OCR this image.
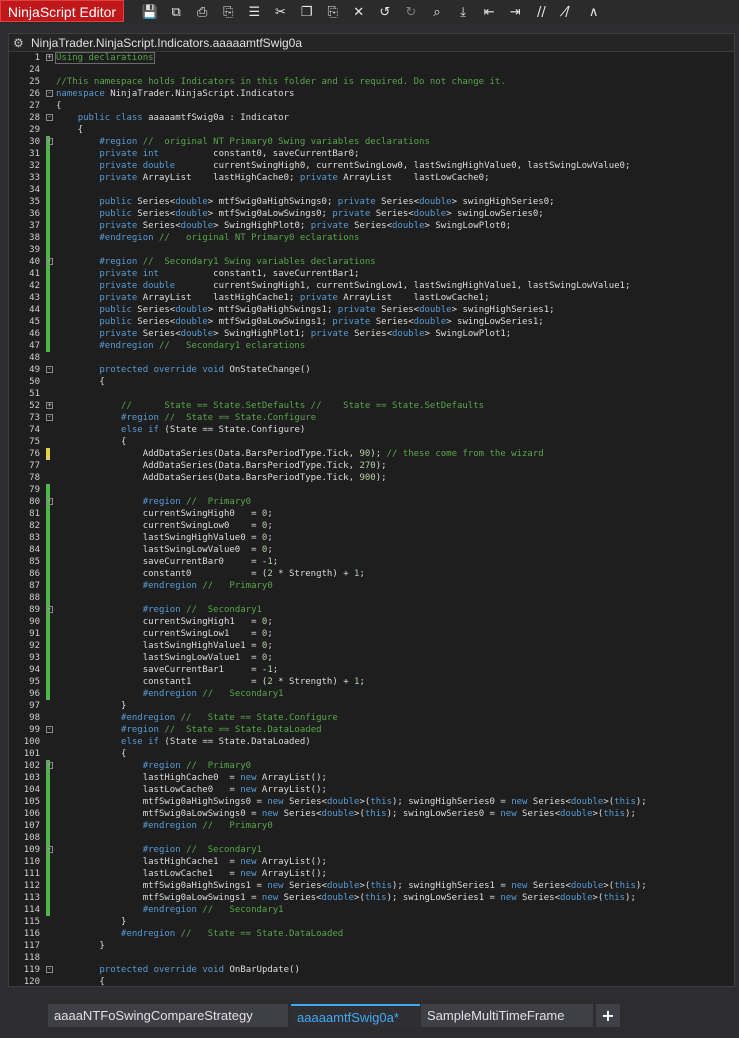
NinjaScript Editor	💾	⧉	⎙	⎘	☰	✂	❐	⎘	✕	↺	↻	⌕	⤓	⇤	⇥	//	/̸	∧
⚙ NinjaTrader.NinjaScript.Indicators.aaaaamtfSwig0a
1 + Using declarations
24
25 //This namespace holds Indicators in this folder and is required. Do not change it.
26 - namespace NinjaTrader.NinjaScript.Indicators
27 {
28 -	public class aaaaamtfSwig0a : Indicator
29 {
30 -	#region //  original NT Primary0 Swing variables declarations
31	private int          constant0, saveCurrentBar0;
32	private double       currentSwingHigh0, currentSwingLow0, lastSwingHighValue0, lastSwingLowValue0;
33	private ArrayList    lastHighCache0; private ArrayList    lastLowCache0;
34
35	public Series<double> mtfSwig0aHighSwings0; private Series<double> swingHighSeries0;
36	public Series<double> mtfSwig0aLowSwings0; private Series<double> swingLowSeries0;
37	private Series<double> SwingHighPlot0; private Series<double> SwingLowPlot0;
38	#endregion //   original NT Primary0 eclarations
39
40 -	#region //  Secondary1 Swing variables declarations
41	private int          constant1, saveCurrentBar1;
42	private double       currentSwingHigh1, currentSwingLow1, lastSwingHighValue1, lastSwingLowValue1;
43	private ArrayList    lastHighCache1; private ArrayList    lastLowCache1;
44	public Series<double> mtfSwig0aHighSwings1; private Series<double> swingHighSeries1;
45	public Series<double> mtfSwig0aLowSwings1; private Series<double> swingLowSeries1;
46	private Series<double> SwingHighPlot1; private Series<double> SwingLowPlot1;
47	#endregion //   Secondary1 eclarations
48
49 -	protected override void OnStateChange()
50 {
51
52 + //      State == State.SetDefaults //    State == State.SetDefaults
73 -	#region //  State == State.Configure
74	else if (State == State.Configure)
75 {
76 AddDataSeries(Data.BarsPeriodType.Tick, 90); // these come from the wizard
77 AddDataSeries(Data.BarsPeriodType.Tick, 270);
78 AddDataSeries(Data.BarsPeriodType.Tick, 900);
79
80 -	#region //  Primary0
81 currentSwingHigh0   = 0;
82 currentSwingLow0    = 0;
83 lastSwingHighValue0 = 0;
84 lastSwingLowValue0  = 0;
85 saveCurrentBar0     = -1;
86 constant0           = (2 * Strength) + 1;
87	#endregion //   Primary0
88
89 -	#region //  Secondary1
90 currentSwingHigh1   = 0;
91 currentSwingLow1    = 0;
92 lastSwingHighValue1 = 0;
93 lastSwingLowValue1  = 0;
94 saveCurrentBar1     = -1;
95 constant1           = (2 * Strength) + 1;
96	#endregion //   Secondary1
97 }
98	#endregion //   State == State.Configure
99 -	#region //  State == State.DataLoaded
100	else if (State == State.DataLoaded)
101 {
102 -	#region //  Primary0
103 lastHighCache0  = new ArrayList();
104 lastLowCache0   = new ArrayList();
105 mtfSwig0aHighSwings0 = new Series<double>(this); swingHighSeries0 = new Series<double>(this);
106 mtfSwig0aLowSwings0 = new Series<double>(this); swingLowSeries0 = new Series<double>(this);
107	#endregion //   Primary0
108
109 -	#region //  Secondary1
110 lastHighCache1  = new ArrayList();
111 lastLowCache1   = new ArrayList();
112 mtfSwig0aHighSwings1 = new Series<double>(this); swingHighSeries1 = new Series<double>(this);
113 mtfSwig0aLowSwings1 = new Series<double>(this); swingLowSeries1 = new Series<double>(this);
114	#endregion //   Secondary1
115 }
116	#endregion //   State == State.DataLoaded
117 }
118
119 -	protected override void OnBarUpdate()
120 {
aaaaNTFoSwingCompareStrategy	aaaaamtfSwig0a*	SampleMultiTimeFrame	+
